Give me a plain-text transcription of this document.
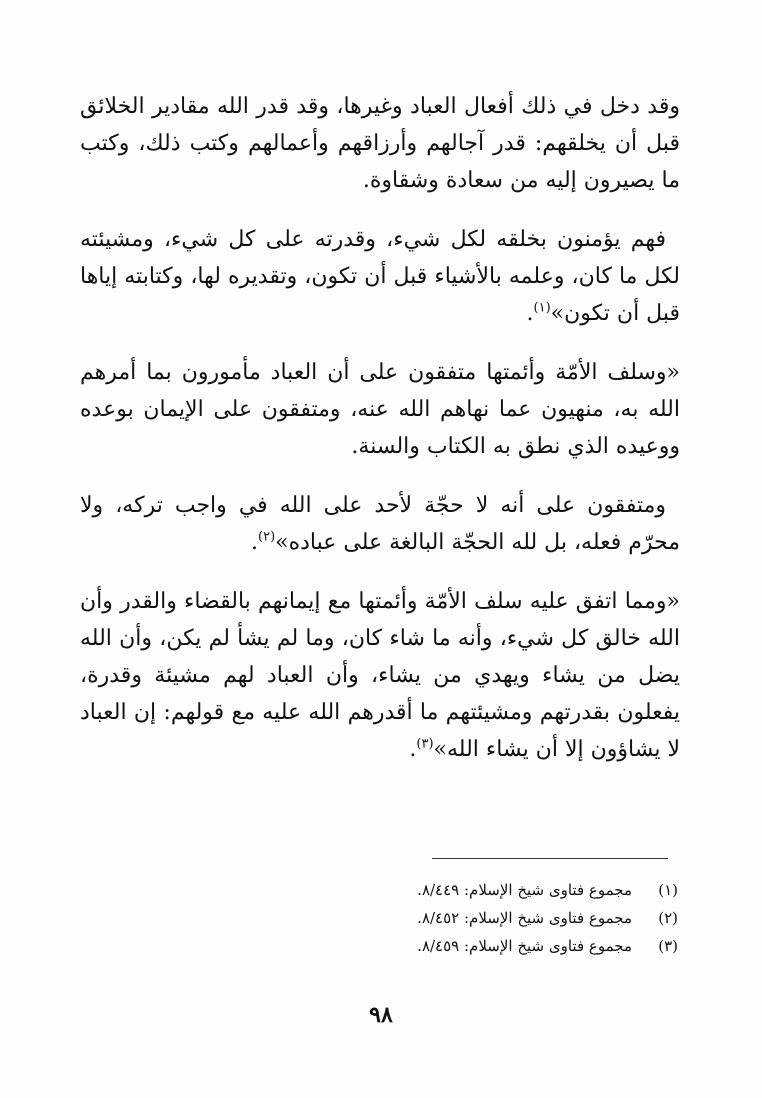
وقد دخل في ذلك أفعال العباد وغيرها، وقد قدر الله مقادير الخلائق قبل أن يخلقهم: قدر آجالهم وأرزاقهم وأعمالهم وكتب ذلك، وكتب ما يصيرون إليه من سعادة وشقاوة.

فهم يؤمنون بخلقه لكل شيء، وقدرته على كل شيء، ومشيئته لكل ما كان، وعلمه بالأشياء قبل أن تكون، وتقديره لها، وكتابته إياها قبل أن تكون»$^{(١)}$.

«وسلف الأمّة وأئمتها متفقون على أن العباد مأمورون بما أمرهم الله به، منهيون عما نهاهم الله عنه، ومتفقون على الإيمان بوعده ووعيده الذي نطق به الكتاب والسنة.

ومتفقون على أنه لا حجّة لأحد على الله في واجب تركه، ولا محرّم فعله، بل لله الحجّة البالغة على عباده»$^{(٢)}$.

«ومما اتفق عليه سلف الأمّة وأئمتها مع إيمانهم بالقضاء والقدر وأن الله خالق كل شيء، وأنه ما شاء كان، وما لم يشأ لم يكن، وأن الله يضل من يشاء ويهدي من يشاء، وأن العباد لهم مشيئة وقدرة، يفعلون بقدرتهم ومشيئتهم ما أقدرهم الله عليه مع قولهم: إن العباد لا يشاؤون إلا أن يشاء الله»$^{(٣)}$.

(١)مجموع فتاوى شيخ الإسلام: ٨/٤٤٩.
(٢)مجموع فتاوى شيخ الإسلام: ٨/٤٥٢.
(٣)مجموع فتاوى شيخ الإسلام: ٨/٤٥٩.
٩٨
